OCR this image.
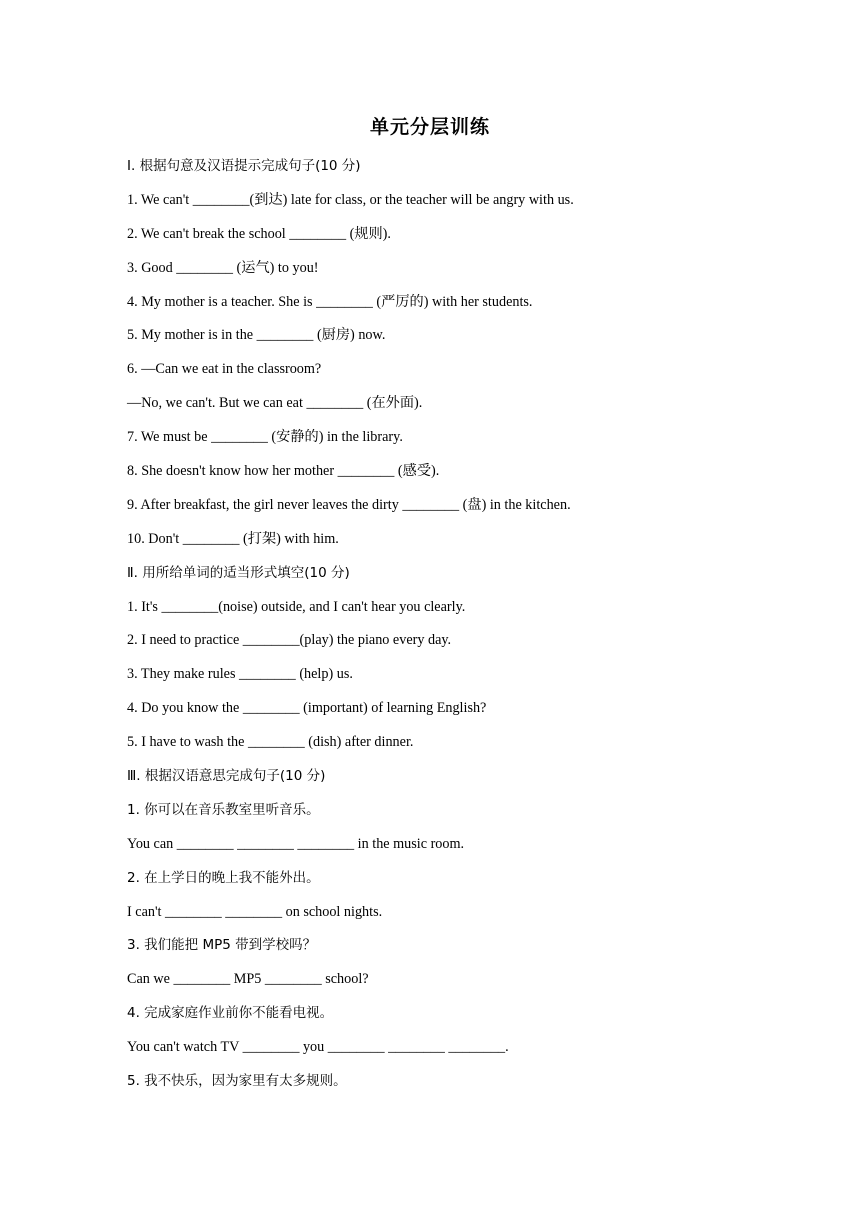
单元分层训练
Ⅰ. 根据句意及汉语提示完成句子(10 分)
1. We can't ________(到达) late for class, or the teacher will be angry with us.
2. We can't break the school ________ (规则).
3. Good ________ (运气) to you!
4. My mother is a teacher. She is ________ (严厉的) with her students.
5. My mother is in the ________ (厨房) now.
6. —Can we eat in the classroom?
—No, we can't. But we can eat ________ (在外面).
7. We must be ________ (安静的) in the library.
8. She doesn't know how her mother ________ (感受).
9. After breakfast, the girl never leaves the dirty ________ (盘) in the kitchen.
10. Don't ________ (打架) with him.
Ⅱ. 用所给单词的适当形式填空(10 分)
1. It's ________(noise) outside, and I can't hear you clearly.
2. I need to practice ________(play) the piano every day.
3. They make rules ________ (help) us.
4. Do you know the ________ (important) of learning English?
5. I have to wash the ________ (dish) after dinner.
Ⅲ. 根据汉语意思完成句子(10 分)
1. 你可以在音乐教室里听音乐。
You can ________ ________ ________ in the music room.
2. 在上学日的晚上我不能外出。
I can't ________ ________ on school nights.
3. 我们能把 MP5 带到学校吗？
Can we ________ MP5 ________ school?
4. 完成家庭作业前你不能看电视。
You can't watch TV ________ you ________ ________ ________.
5. 我不快乐，因为家里有太多规则。
